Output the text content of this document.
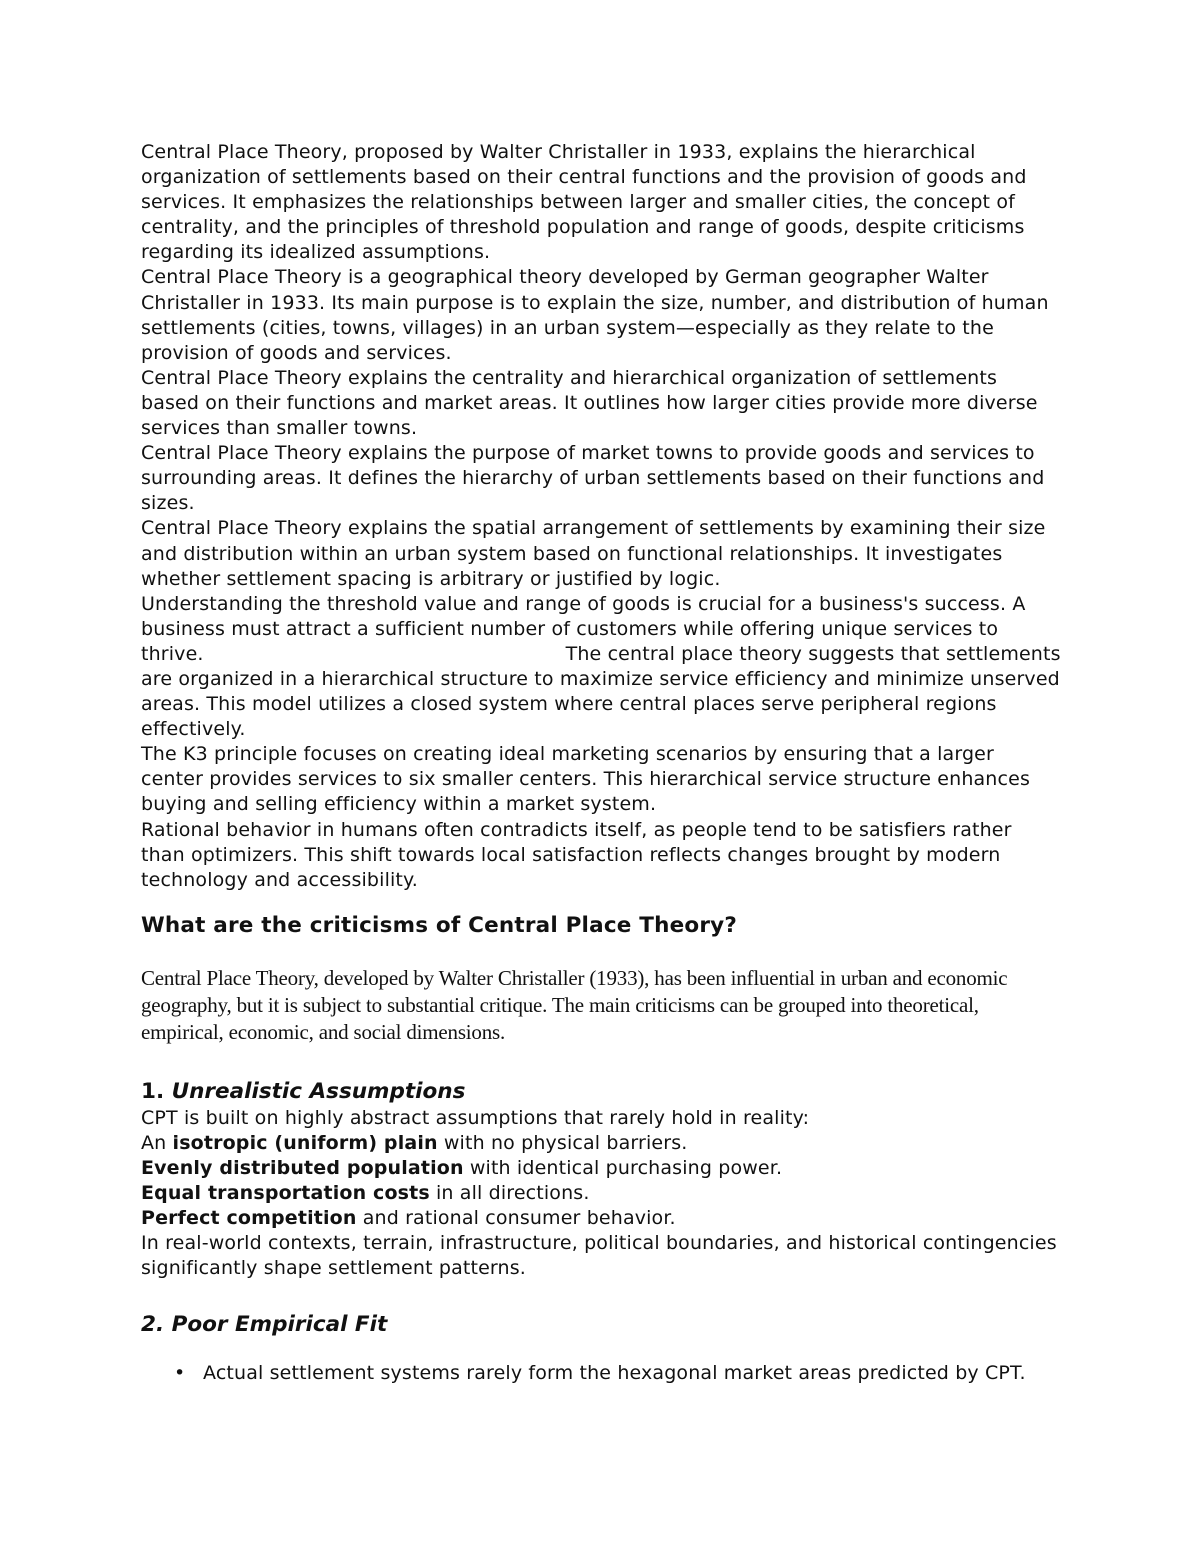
Central Place Theory, proposed by Walter Christaller in 1933, explains the hierarchical organization of settlements based on their central functions and the provision of goods and services. It emphasizes the relationships between larger and smaller cities, the concept of centrality, and the principles of threshold population and range of goods, despite criticisms regarding its idealized assumptions.

Central Place Theory is a geographical theory developed by German geographer Walter Christaller in 1933. Its main purpose is to explain the size, number, and distribution of human settlements (cities, towns, villages) in an urban system—especially as they relate to the provision of goods and services.

Central Place Theory explains the centrality and hierarchical organization of settlements based on their functions and market areas. It outlines how larger cities provide more diverse services than smaller towns.

Central Place Theory explains the purpose of market towns to provide goods and services to surrounding areas. It defines the hierarchy of urban settlements based on their functions and sizes.

Central Place Theory explains the spatial arrangement of settlements by examining their size and distribution within an urban system based on functional relationships. It investigates whether settlement spacing is arbitrary or justified by logic.

Understanding the threshold value and range of goods is crucial for a business's success. A business must attract a sufficient number of customers while offering unique services to thrive.	The central place theory suggests that settlements are organized in a hierarchical structure to maximize service efficiency and minimize unserved areas. This model utilizes a closed system where central places serve peripheral regions effectively.

The K3 principle focuses on creating ideal marketing scenarios by ensuring that a larger center provides services to six smaller centers. This hierarchical service structure enhances buying and selling efficiency within a market system.

Rational behavior in humans often contradicts itself, as people tend to be satisfiers rather than optimizers. This shift towards local satisfaction reflects changes brought by modern technology and accessibility.

What are the criticisms of Central Place Theory?

Central Place Theory, developed by Walter Christaller (1933), has been influential in urban and economic geography, but it is subject to substantial critique. The main criticisms can be grouped into theoretical, empirical, economic, and social dimensions.

1. Unrealistic Assumptions

CPT is built on highly abstract assumptions that rarely hold in reality:

An isotropic (uniform) plain with no physical barriers.

Evenly distributed population with identical purchasing power.

Equal transportation costs in all directions.

Perfect competition and rational consumer behavior.

In real-world contexts, terrain, infrastructure, political boundaries, and historical contingencies significantly shape settlement patterns.

2. Poor Empirical Fit
• Actual settlement systems rarely form the hexagonal market areas predicted by CPT.
